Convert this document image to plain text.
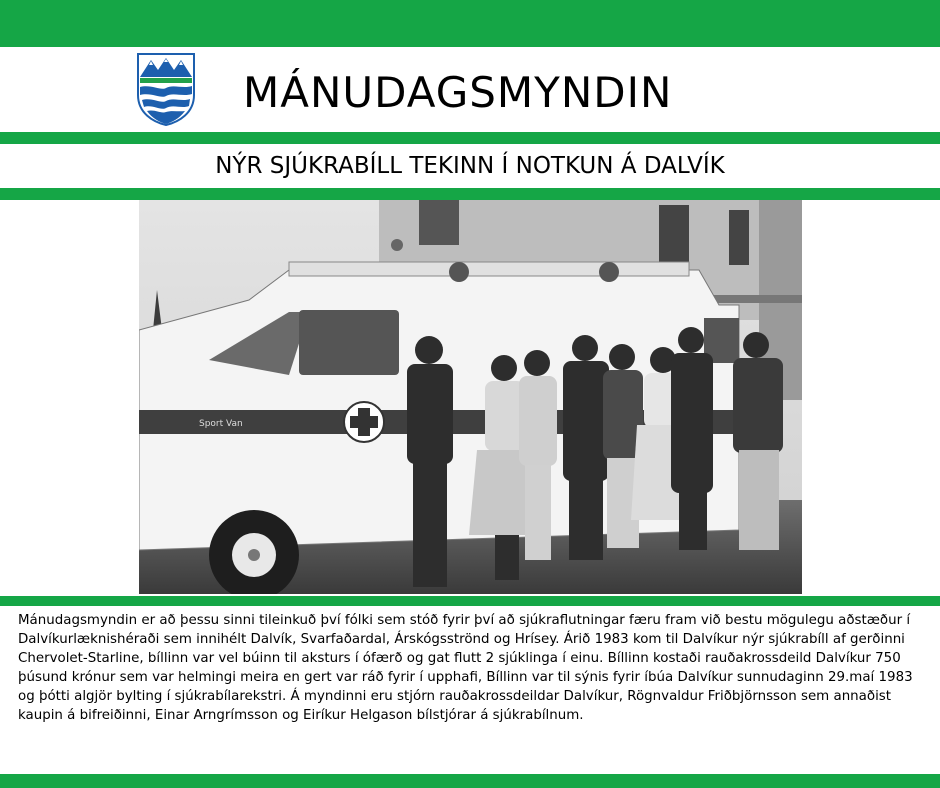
MÁNUDAGSMYNDIN
NÝR SJÚKRABÍLL TEKINN Í NOTKUN Á DALVÍK
Sport Van
Mánudagsmyndin er að þessu sinni tileinkuð því fólki sem stóð fyrir því að sjúkraflutningar færu fram við bestu mögulegu aðstæður í Dalvíkurlæknishéraði sem innihélt Dalvík, Svarfaðardal, Árskógsströnd og Hrísey. Árið 1983 kom til Dalvíkur nýr sjúkrabíll af gerðinni Chervolet-Starline, bíllinn var vel búinn til aksturs í ófærð og gat flutt 2 sjúklinga í einu. Bíllinn kostaði rauðakrossdeild Dalvíkur 750 þúsund krónur sem var helmingi meira en gert var ráð fyrir í upphafi, Bíllinn var til sýnis fyrir íbúa Dalvíkur sunnudaginn 29.maí 1983 og þótti algjör bylting í sjúkrabílarekstri. Á myndinni eru stjórn rauðakrossdeildar Dalvíkur, Rögnvaldur Friðbjörnsson sem annaðist kaupin á bifreiðinni, Einar Arngrímsson og Eiríkur Helgason bílstjórar á sjúkrabílnum.
